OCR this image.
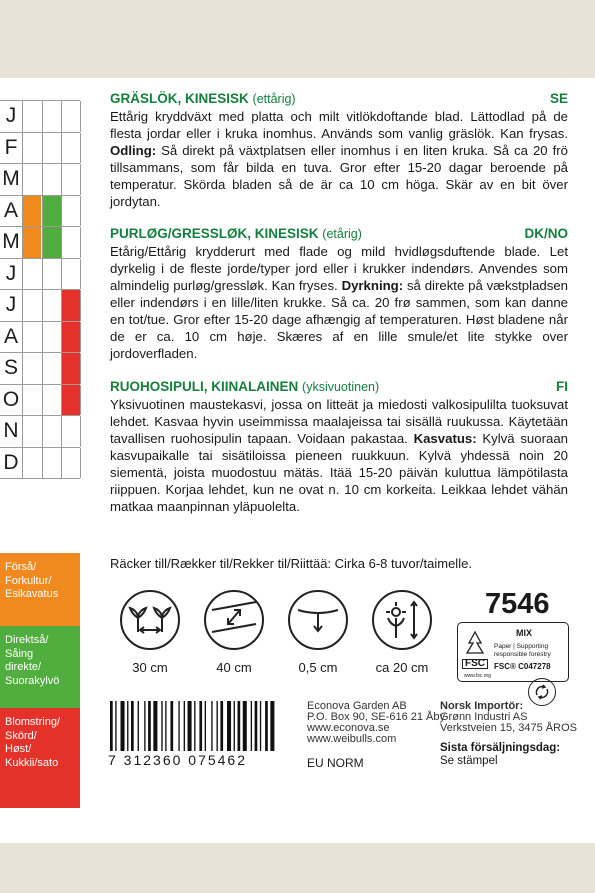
J
F
M
A
M
J
J
A
S
O
N
D
Förså/
Forkultur/
Esikavatus
Direktså/
Såing
direkte/
Suorakylvö
Blomstring/
Skörd/
Høst/
Kukkii/sato
GRÄSLÖK, KINESISK (ettårig)	SE

Ettårig kryddväxt med platta och milt vitlökdoftande blad. Lättodlad på de flesta jordar eller i kruka inomhus. Används som vanlig gräslök. Kan frysas. Odling: Så direkt på växtplatsen eller inomhus i en liten kruka. Så ca 20 frö tillsammans, som får bilda en tuva. Gror efter 15-20 dagar beroende på temperatur. Skörda bladen så de är ca 10 cm höga. Skär av en bit över jordytan.

PURLØG/GRESSLØK, KINESISK (etårig)	DK/NO

Etårig/Ettårig krydderurt med flade og mild hvidløgsduftende blade. Let dyrkelig i de fleste jorde/typer jord eller i krukker indendørs. Anvendes som almindelig purløg/gressløk. Kan fryses. Dyrkning: så direkte på vækstpladsen eller indendørs i en lille/liten krukke. Så ca. 20 frø sammen, som kan danne en tot/tue. Gror efter 15-20 dage afhængig af temperaturen. Høst bladene når de er ca. 10 cm høje. Skæres af en lille smule/et lite stykke over jordoverfladen.

RUOHOSIPULI, KIINALAINEN (yksivuotinen)	FI

Yksivuotinen maustekasvi, jossa on litteät ja miedosti valkosipulilta tuoksuvat lehdet. Kasvaa hyvin useimmissa maalajeissa tai sisällä ruukussa. Käytetään tavallisen ruohosipulin tapaan. Voidaan pakastaa. Kasvatus: Kylvä suoraan kasvupaikalle tai sisätiloissa pieneen ruukkuun. Kylvä yhdessä noin 20 siementä, joista muodostuu mätäs. Itää 15-20 päivän kuluttua lämpötilasta riippuen. Korjaa lehdet, kun ne ovat n. 10 cm korkeita. Leikkaa lehdet vähän matkaa maanpinnan yläpuolelta.

Räcker till/Rækker til/Rekker til/Riittää: Cirka 6-8 tuvor/taimelle.
30 cm	40 cm	0,5 cm	ca 20 cm
7546
FSC
www.fsc.org
MIX
Paper | Supporting
responsible forestry
FSC® C047278
7 312360 075462
Econova Garden AB
P.O. Box 90, SE-616 21 Åby
www.econova.se
www.weibulls.com
EU NORM
Norsk Importör:
Grønn Industri AS
Verkstveien 15, 3475 ÅROS
Sista försäljningsdag:
Se stämpel
